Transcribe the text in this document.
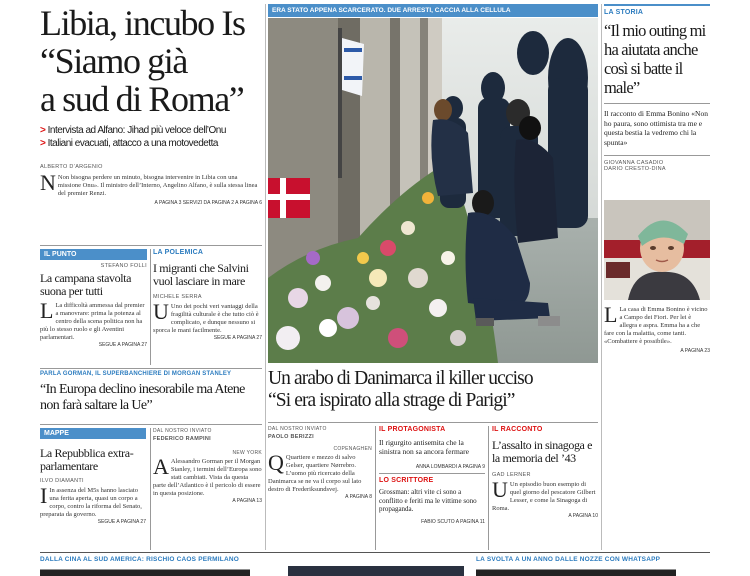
Libia, incubo Is
“Siamo già
a sud di Roma”
> Intervista ad Alfano: Jihad più veloce dell’Onu
> Italiani evacuati, attacco a una motovedetta
ALBERTO D’ARGENIO
N Non bisogna perdere un minuto, bisogna intervenire in Libia con una missione Onu». Il ministro dell’Interno, Angelino Alfano, è sulla stessa linea del premier Renzi.
A PAGINA 3 SERVIZI DA PAGINA 2 A PAGINA 6
IL PUNTO
STEFANO FOLLI
La campana stavolta suona per tutti
L La difficoltà ammessa dal premier a manovrare: prima la potenza al centro della scena politica non ha più lo stesso ruolo e gli Aventini parlamentari.
SEGUE A PAGINA 27
LA POLEMICA
I migranti che Salvini vuol lasciare in mare
MICHELE SERRA
U Uno dei pochi veri vantaggi della fragilità culturale è che tutto ciò è complicato, e dunque nessuno si sporca le mani facilmente.
SEGUE A PAGINA 27
PARLA GORMAN, IL SUPERBANCHIERE DI MORGAN STANLEY
“In Europa declino inesorabile ma Atene non farà saltare la Ue”
MAPPE
La Repubblica extra-parlamentare
ILVO DIAMANTI
I In assenza del M5s hanno lasciato una ferita aperta, quasi un corpo a corpo, contro la riforma del Senato, preparata da governo.
SEGUE A PAGINA 27
DAL NOSTRO INVIATO
FEDERICO RAMPINI
NEW YORK
A Alessandro Gorman per il Morgan Stanley, i termini dell’Europa sono stati cambiati. Vista da questa parte dell’Atlantico è il pericolo di essere in questa posizione.
A PAGINA 13
ERA STATO APPENA SCARCERATO. DUE ARRESTI, CACCIA ALLA CELLULA
Un arabo di Danimarca il killer ucciso
“Si era ispirato alla strage di Parigi”
DAL NOSTRO INVIATO
PAOLO BERIZZI
COPENAGHEN
Q Quartiere e mezzo di salvo Gelser, quartiere Nørrebro. L’uomo più ricercato della Danimarca se ne va il corpo sul lato destro di Frederiksundsvej.
A PAGINA 8
IL PROTAGONISTA
Il rigurgito antisemita che la sinistra non sa ancora fermare
ANNA LOMBARDI A PAGINA 9
LO SCRITTORE
Grossman: altri vite ci sono a conflitto e feriti ma le vittime sono propaganda.
FABIO SCUTO A PAGINA 11
IL RACCONTO
L’assalto in sinagoga e la memoria del ’43
GAD LERNER
U Un episodio buon esempio di quel giorno del pescatore Gilbert Lesser, e come la Sinagoga di Roma.
A PAGINA 10
LA STORIA
“Il mio outing mi ha aiutata anche così si batte il male”
Il racconto di Emma Bonino «Non ho paura, sono ottimista tra me e questa bestia la vedremo chi la spunta»
GIOVANNA CASADIO
DARIO CRESTO-DINA
L La casa di Emma Bonino è vicino a Campo dei Fiori. Per lei è allegra e aspra. Emma ha a che fare con la malattia, come tanti. «Combattere è possibile».
A PAGINA 23
DALLA CINA AL SUD AMERICA: RISCHIO CAOS PERMILANO	LA SVOLTA A UN ANNO DALLE NOZZE CON WHATSAPP
